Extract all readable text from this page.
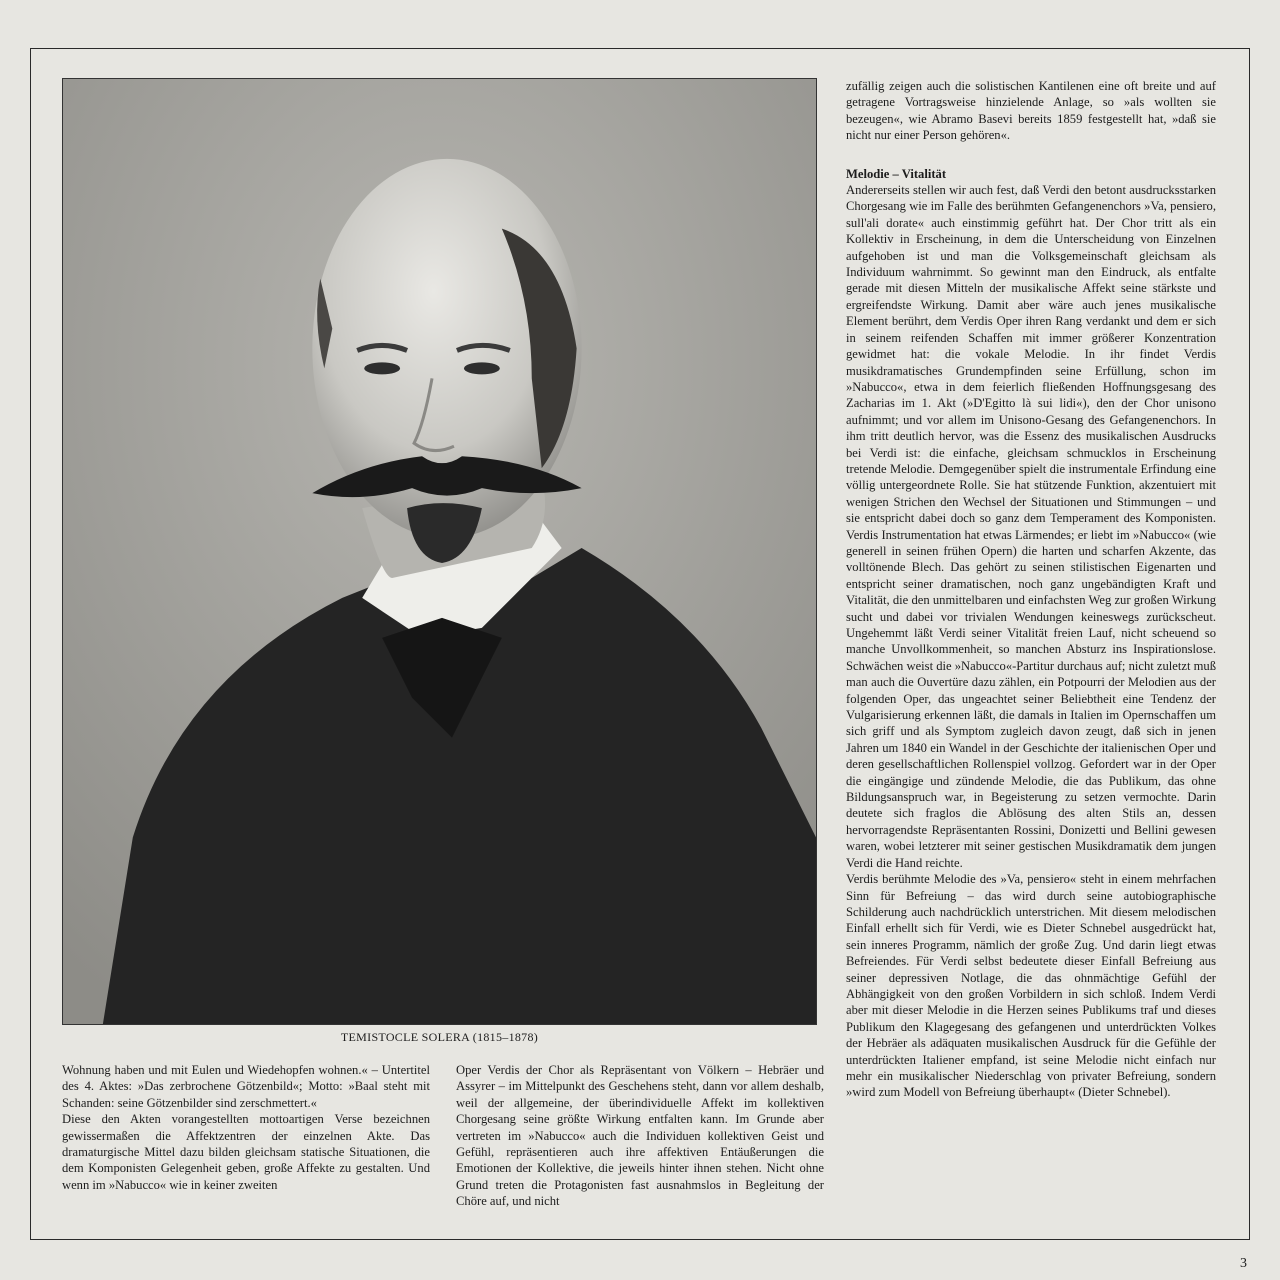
TEMISTOCLE SOLERA (1815–1878)

Wohnung haben und mit Eulen und Wiedehopfen wohnen.« – Untertitel des 4. Aktes: »Das zerbrochene Götzenbild«; Motto: »Baal steht mit Schanden: seine Götzenbilder sind zerschmettert.«

Diese den Akten vorangestellten mottoartigen Verse bezeichnen gewissermaßen die Affektzentren der einzelnen Akte. Das dramaturgische Mittel dazu bilden gleichsam statische Situationen, die dem Komponisten Gelegenheit geben, große Affekte zu gestalten. Und wenn im »Nabucco« wie in keiner zweiten

Oper Verdis der Chor als Repräsentant von Völkern – Hebräer und Assyrer – im Mittelpunkt des Geschehens steht, dann vor allem deshalb, weil der allgemeine, der überindividuelle Affekt im kollektiven Chorgesang seine größte Wirkung entfalten kann. Im Grunde aber vertreten im »Nabucco« auch die Individuen kollektiven Geist und Gefühl, repräsentieren auch ihre affektiven Entäußerungen die Emotionen der Kollektive, die jeweils hinter ihnen stehen. Nicht ohne Grund treten die Protagonisten fast ausnahmslos in Begleitung der Chöre auf, und nicht

zufällig zeigen auch die solistischen Kantilenen eine oft breite und auf getragene Vortragsweise hinzielende Anlage, so »als wollten sie bezeugen«, wie Abramo Basevi bereits 1859 festgestellt hat, »daß sie nicht nur einer Person gehören«.

Melodie – Vitalität

Andererseits stellen wir auch fest, daß Verdi den betont ausdrucksstarken Chorgesang wie im Falle des berühmten Gefangenenchors »Va, pensiero, sull'ali dorate« auch einstimmig geführt hat. Der Chor tritt als ein Kollektiv in Erscheinung, in dem die Unterscheidung von Einzelnen aufgehoben ist und man die Volksgemeinschaft gleichsam als Individuum wahrnimmt. So gewinnt man den Eindruck, als entfalte gerade mit diesen Mitteln der musikalische Affekt seine stärkste und ergreifendste Wirkung. Damit aber wäre auch jenes musikalische Element berührt, dem Verdis Oper ihren Rang verdankt und dem er sich in seinem reifenden Schaffen mit immer größerer Konzentration gewidmet hat: die vokale Melodie. In ihr findet Verdis musikdramatisches Grundempfinden seine Erfüllung, schon im »Nabucco«, etwa in dem feierlich fließenden Hoffnungsgesang des Zacharias im 1. Akt (»D'Egitto là sui lidi«), den der Chor unisono aufnimmt; und vor allem im Unisono-Gesang des Gefangenenchors. In ihm tritt deutlich hervor, was die Essenz des musikalischen Ausdrucks bei Verdi ist: die einfache, gleichsam schmucklos in Erscheinung tretende Melodie. Demgegenüber spielt die instrumentale Erfindung eine völlig untergeordnete Rolle. Sie hat stützende Funktion, akzentuiert mit wenigen Strichen den Wechsel der Situationen und Stimmungen – und sie entspricht dabei doch so ganz dem Temperament des Komponisten. Verdis Instrumentation hat etwas Lärmendes; er liebt im »Nabucco« (wie generell in seinen frühen Opern) die harten und scharfen Akzente, das volltönende Blech. Das gehört zu seinen stilistischen Eigenarten und entspricht seiner dramatischen, noch ganz ungebändigten Kraft und Vitalität, die den unmittelbaren und einfachsten Weg zur großen Wirkung sucht und dabei vor trivialen Wendungen keineswegs zurückscheut. Ungehemmt läßt Verdi seiner Vitalität freien Lauf, nicht scheuend so manche Unvollkommenheit, so manchen Absturz ins Inspirationslose. Schwächen weist die »Nabucco«-Partitur durchaus auf; nicht zuletzt muß man auch die Ouvertüre dazu zählen, ein Potpourri der Melodien aus der folgenden Oper, das ungeachtet seiner Beliebtheit eine Tendenz der Vulgarisierung erkennen läßt, die damals in Italien im Opernschaffen um sich griff und als Symptom zugleich davon zeugt, daß sich in jenen Jahren um 1840 ein Wandel in der Geschichte der italienischen Oper und deren gesellschaftlichen Rollenspiel vollzog. Gefordert war in der Oper die eingängige und zündende Melodie, die das Publikum, das ohne Bildungsanspruch war, in Begeisterung zu setzen vermochte. Darin deutete sich fraglos die Ablösung des alten Stils an, dessen hervorragendste Repräsentanten Rossini, Donizetti und Bellini gewesen waren, wobei letzterer mit seiner gestischen Musikdramatik dem jungen Verdi die Hand reichte.

Verdis berühmte Melodie des »Va, pensiero« steht in einem mehrfachen Sinn für Befreiung – das wird durch seine autobiographische Schilderung auch nachdrücklich unterstrichen. Mit diesem melodischen Einfall erhellt sich für Verdi, wie es Dieter Schnebel ausgedrückt hat, sein inneres Programm, nämlich der große Zug. Und darin liegt etwas Befreiendes. Für Verdi selbst bedeutete dieser Einfall Befreiung aus seiner depressiven Notlage, die das ohnmächtige Gefühl der Abhängigkeit von den großen Vorbildern in sich schloß. Indem Verdi aber mit dieser Melodie in die Herzen seines Publikums traf und dieses Publikum den Klagegesang des gefangenen und unterdrückten Volkes der Hebräer als adäquaten musikalischen Ausdruck für die Gefühle der unterdrückten Italiener empfand, ist seine Melodie nicht einfach nur mehr ein musikalischer Niederschlag von privater Befreiung, sondern »wird zum Modell von Befreiung überhaupt« (Dieter Schnebel).

3
